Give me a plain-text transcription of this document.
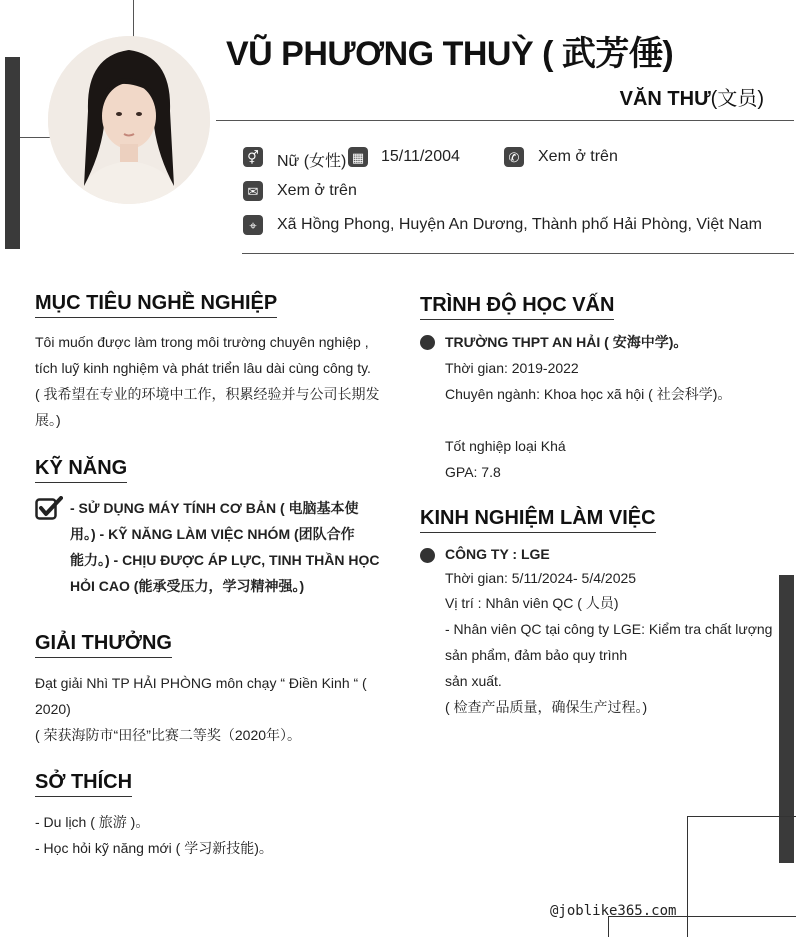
VŨ PHƯƠNG THUỲ ( 武芳倕)
VĂN THƯ(文员)
⚥ Nữ (女性) ▦ 15/11/2004	✆ Xem ở trên
✉ Xem ở trên
⌖	Xã Hồng Phong, Huyện An Dương, Thành phố Hải Phòng, Việt Nam
MỤC TIÊU NGHỀ NGHIỆP
Tôi muốn được làm trong môi trường chuyên nghiệp ,
tích luỹ kinh nghiệm và phát triển lâu dài cùng công ty.
( 我希望在专业的环境中工作，积累经验并与公司长期发
展。)
KỸ NĂNG
- SỬ DỤNG MÁY TÍNH CƠ BẢN ( 电脑基本使
用。) - KỸ NĂNG LÀM VIỆC NHÓM (团队合作
能力。) - CHỊU ĐƯỢC ÁP LỰC, TINH THẦN HỌC
HỎI CAO (能承受压力，学习精神强。)
GIẢI THƯỞNG
Đạt giải Nhì TP HẢI PHÒNG môn chạy “ Điền Kinh “ (
2020)
( 荣获海防市“田径”比赛二等奖（2020年）。
SỞ THÍCH
- Du lịch ( 旅游 )。
- Học hỏi kỹ năng mới ( 学习新技能)。
TRÌNH ĐỘ HỌC VẤN
TRƯỜNG THPT AN HẢI ( 安海中学)。
Thời gian: 2019-2022
Chuyên ngành: Khoa học xã hội ( 社会科学)。
Tốt nghiệp loại Khá
GPA: 7.8
KINH NGHIỆM LÀM VIỆC
CÔNG TY : LGE
Thời gian: 5/11/2024- 5/4/2025
Vị trí : Nhân viên QC ( 人员)
- Nhân viên QC tại công ty LGE: Kiểm tra chất lượng
sản phẩm, đảm bảo quy trình
sản xuất.
( 检查产品质量，确保生产过程。)
@joblike365.com
